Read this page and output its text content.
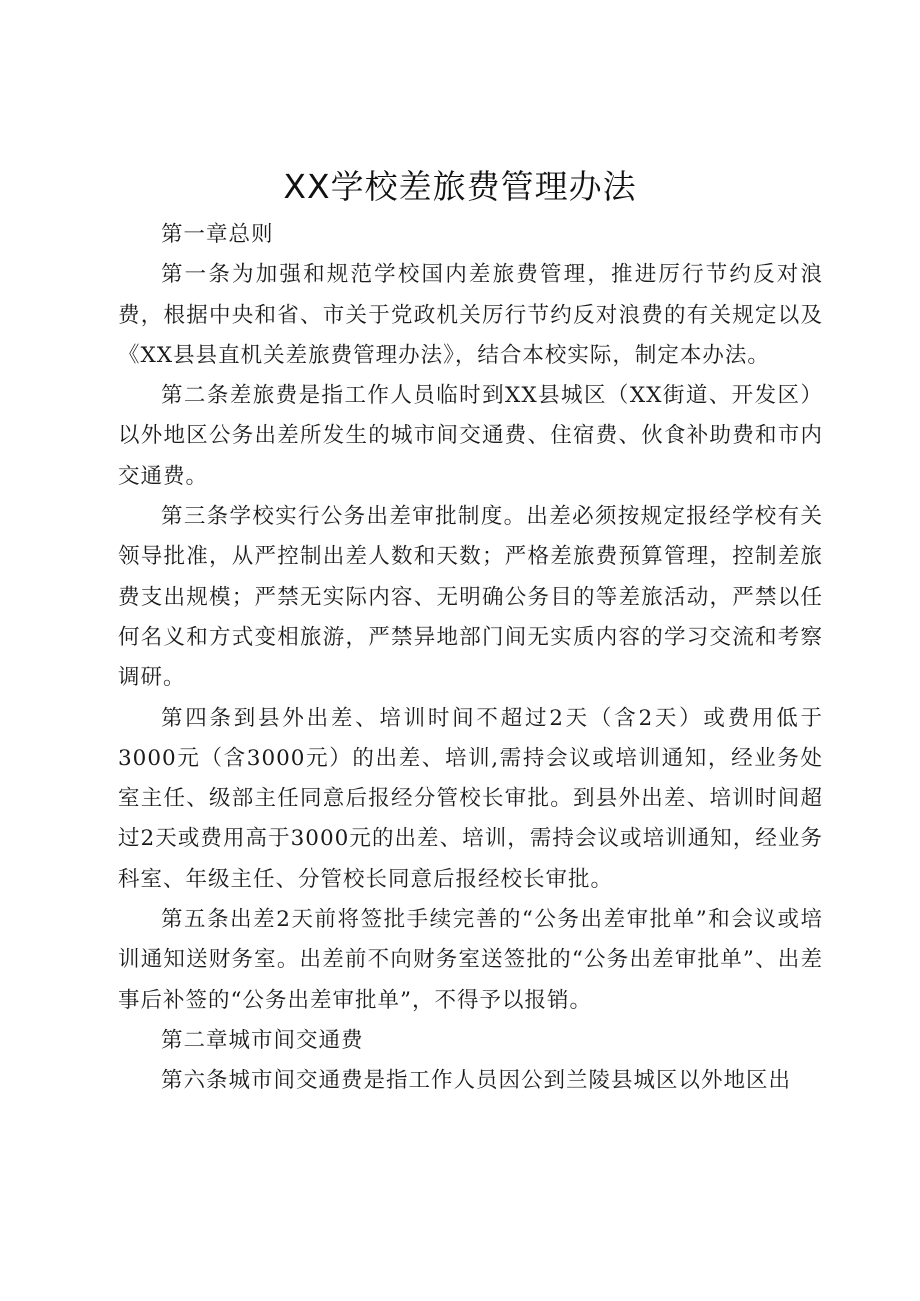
XX学校差旅费管理办法

第一章总则

第一条为加强和规范学校国内差旅费管理，推进厉行节约反对浪费，根据中央和省、市关于党政机关厉行节约反对浪费的有关规定以及《XX县县直机关差旅费管理办法》，结合本校实际，制定本办法。

第二条差旅费是指工作人员临时到XX县城区（XX街道、开发区）以外地区公务出差所发生的城市间交通费、住宿费、伙食补助费和市内交通费。

第三条学校实行公务出差审批制度。出差必须按规定报经学校有关领导批准，从严控制出差人数和天数；严格差旅费预算管理，控制差旅费支出规模；严禁无实际内容、无明确公务目的等差旅活动，严禁以任何名义和方式变相旅游，严禁异地部门间无实质内容的学习交流和考察调研。

第四条到县外出差、培训时间不超过2天（含2天）或费用低于3000元（含3000元）的出差、培训,需持会议或培训通知，经业务处室主任、级部主任同意后报经分管校长审批。到县外出差、培训时间超过2天或费用高于3000元的出差、培训，需持会议或培训通知，经业务科室、年级主任、分管校长同意后报经校长审批。

第五条出差2天前将签批手续完善的“公务出差审批单”和会议或培训通知送财务室。出差前不向财务室送签批的“公务出差审批单”、出差事后补签的“公务出差审批单”，不得予以报销。

第二章城市间交通费

第六条城市间交通费是指工作人员因公到兰陵县城区以外地区出
